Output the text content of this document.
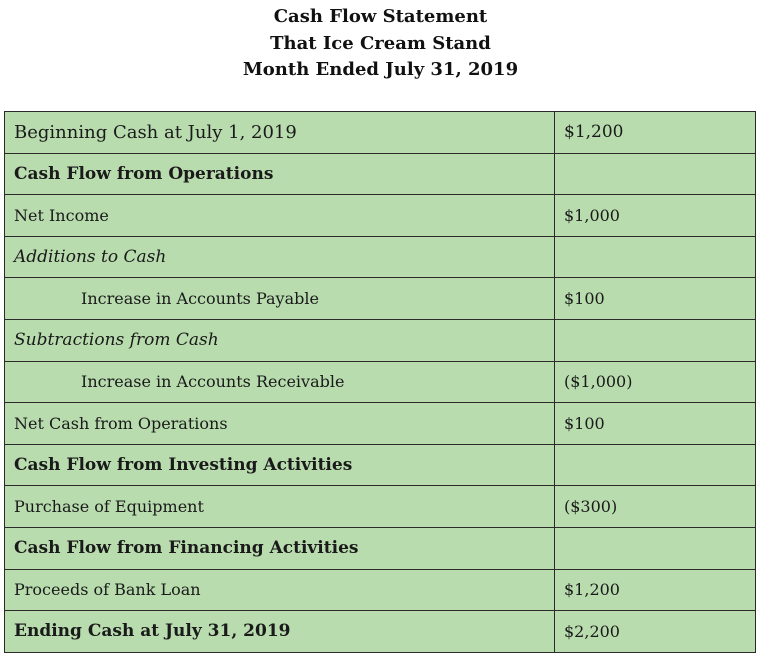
Cash Flow Statement
That Ice Cream Stand
Month Ended July 31, 2019
Beginning Cash at July 1, 2019	$1,200
Cash Flow from Operations	
Net Income	$1,000
Additions to Cash	
Increase in Accounts Payable	$100
Subtractions from Cash	
Increase in Accounts Receivable	($1,000)
Net Cash from Operations	$100
Cash Flow from Investing Activities	
Purchase of Equipment	($300)
Cash Flow from Financing Activities	
Proceeds of Bank Loan	$1,200
Ending Cash at July 31, 2019	$2,200
